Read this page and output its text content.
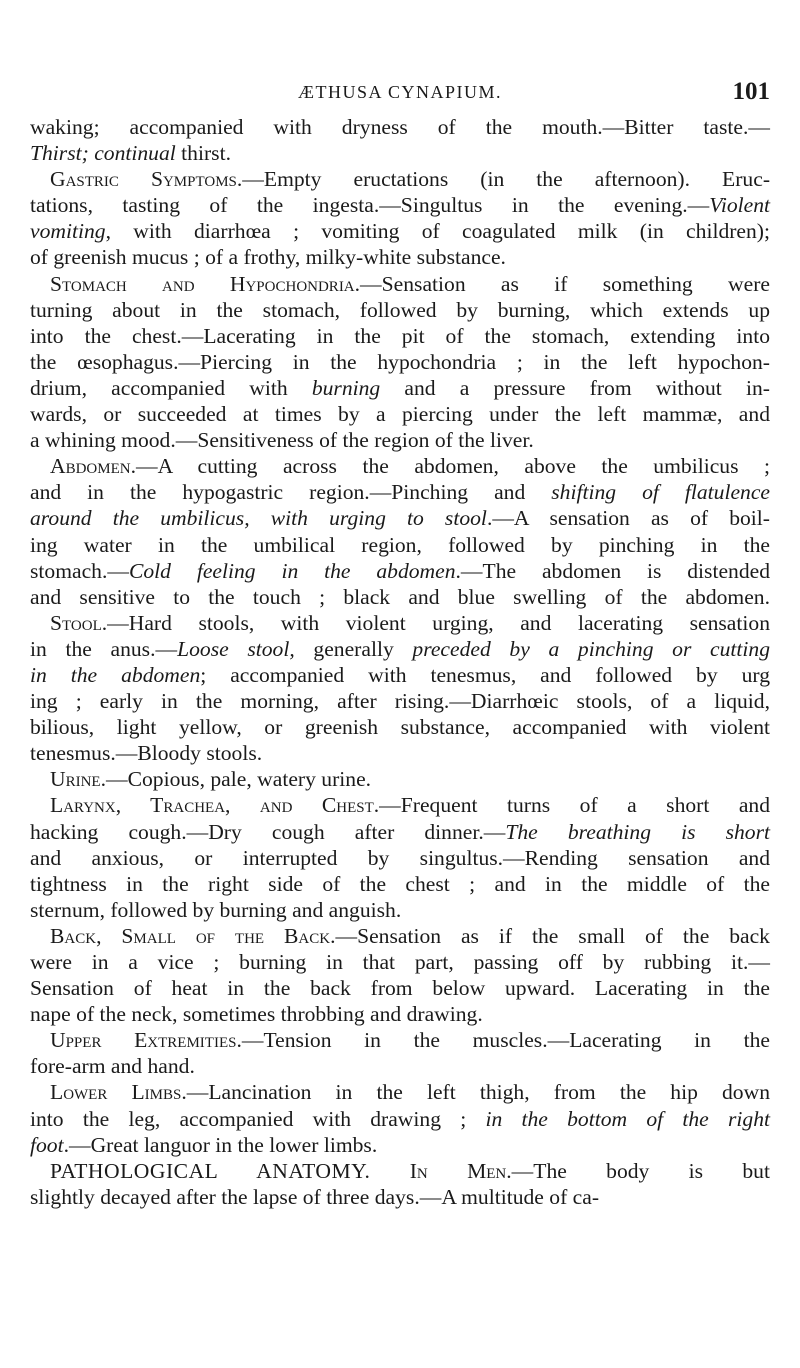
ÆTHUSA CYNAPIUM.	101
waking; accompanied with dryness of the mouth.—Bitter taste.—
Thirst; continual thirst.
Gastric Symptoms.—Empty eructations (in the afternoon). Eruc-
tations, tasting of the ingesta.—Singultus in the evening.—Violent
vomiting, with diarrhœa ; vomiting of coagulated milk (in children);
of greenish mucus ; of a frothy, milky-white substance.
Stomach and Hypochondria.—Sensation as if something were
turning about in the stomach, followed by burning, which extends up
into the chest.—Lacerating in the pit of the stomach, extending into
the œsophagus.—Piercing in the hypochondria ; in the left hypochon-
drium, accompanied with burning and a pressure from without in-
wards, or succeeded at times by a piercing under the left mammæ, and
a whining mood.—Sensitiveness of the region of the liver.
Abdomen.—A cutting across the abdomen, above the umbilicus ;
and in the hypogastric region.—Pinching and shifting of flatulence
around the umbilicus, with urging to stool.—A sensation as of boil-
ing water in the umbilical region, followed by pinching in the
stomach.—Cold feeling in the abdomen.—The abdomen is distended
and sensitive to the touch ; black and blue swelling of the abdomen.
Stool.—Hard stools, with violent urging, and lacerating sensation
in the anus.—Loose stool, generally preceded by a pinching or cutting
in the abdomen; accompanied with tenesmus, and followed by urg
ing ; early in the morning, after rising.—Diarrhœic stools, of a liquid,
bilious, light yellow, or greenish substance, accompanied with violent
tenesmus.—Bloody stools.
Urine.—Copious, pale, watery urine.
Larynx, Trachea, and Chest.—Frequent turns of a short and
hacking cough.—Dry cough after dinner.—The breathing is short
and anxious, or interrupted by singultus.—Rending sensation and
tightness in the right side of the chest ; and in the middle of the
sternum, followed by burning and anguish.
Back, Small of the Back.—Sensation as if the small of the back
were in a vice ; burning in that part, passing off by rubbing it.—
Sensation of heat in the back from below upward. Lacerating in the
nape of the neck, sometimes throbbing and drawing.
Upper Extremities.—Tension in the muscles.—Lacerating in the
fore-arm and hand.
Lower Limbs.—Lancination in the left thigh, from the hip down
into the leg, accompanied with drawing ; in the bottom of the right
foot.—Great languor in the lower limbs.
PATHOLOGICAL ANATOMY. In Men.—The body is but
slightly decayed after the lapse of three days.—A multitude of ca-
